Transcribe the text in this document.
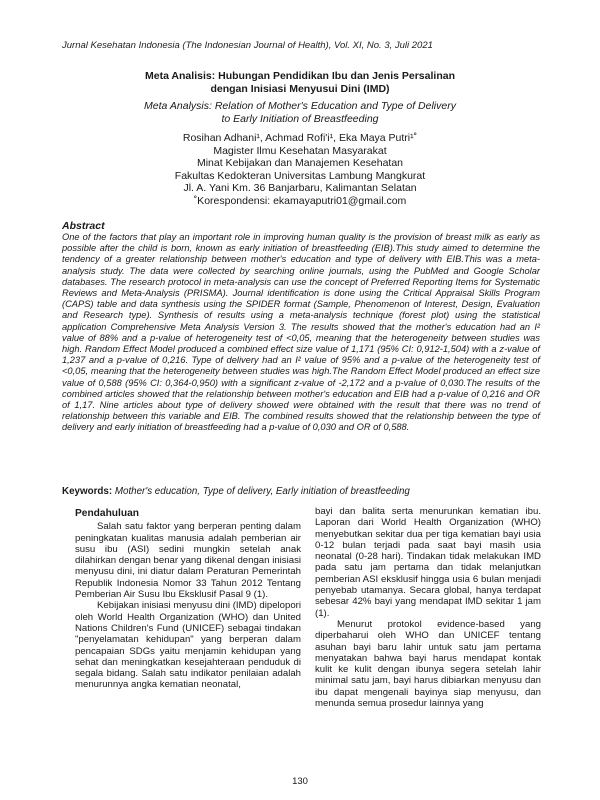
Jurnal Kesehatan Indonesia (The Indonesian Journal of Health), Vol. XI, No. 3, Juli 2021
Meta Analisis: Hubungan Pendidikan Ibu dan Jenis Persalinan
dengan Inisiasi Menyusui Dini (IMD)
Meta Analysis: Relation of Mother's Education and Type of Delivery
to Early Initiation of Breastfeeding
Rosihan Adhani¹, Achmad Rofi'i¹, Eka Maya Putri¹˚
Magister Ilmu Kesehatan Masyarakat
Minat Kebijakan dan Manajemen Kesehatan
Fakultas Kedokteran Universitas Lambung Mangkurat
Jl. A. Yani Km. 36 Banjarbaru, Kalimantan Selatan
˚Korespondensi: ekamayaputri01@gmail.com
Abstract
One of the factors that play an important role in improving human quality is the provision of breast milk as early as possible after the child is born, known as early initiation of breastfeeding (EIB).This study aimed to determine the tendency of a greater relationship between mother's education and type of delivery with EIB.This was a meta-analysis study. The data were collected by searching online journals, using the PubMed and Google Scholar databases. The research protocol in meta-analysis can use the concept of Preferred Reporting Items for Systematic Reviews and Meta-Analysis (PRISMA). Journal identification is done using the Critical Appraisal Skills Program (CAPS) table and data synthesis using the SPIDER format (Sample, Phenomenon of Interest, Design, Evaluation and Research type). Synthesis of results using a meta-analysis technique (forest plot) using the statistical application Comprehensive Meta Analysis Version 3. The results showed that the mother's education had an I² value of 88% and a p-value of heterogeneity test of <0,05, meaning that the heterogeneity between studies was high. Random Effect Model produced a combined effect size value of 1,171 (95% CI: 0,912-1,504) with a z-value of 1,237 and a p-value of 0,216. Type of delivery had an I² value of 95% and a p-value of the heterogeneity test of <0,05, meaning that the heterogeneity between studies was high.The Random Effect Model produced an effect size value of 0,588 (95% CI: 0,364-0,950) with a significant z-value of -2,172 and a p-value of 0,030.The results of the combined articles showed that the relationship between mother's education and EIB had a p-value of 0,216 and OR of 1,17. Nine articles about type of delivery showed were obtained with the result that there was no trend of relationship between this variable and EIB. The combined results showed that the relationship between the type of delivery and early initiation of breastfeeding had a p-value of 0,030 and OR of 0,588.
Keywords: Mother's education, Type of delivery, Early initiation of breastfeeding
Pendahuluan

Salah satu faktor yang berperan penting dalam peningkatan kualitas manusia adalah pemberian air susu ibu (ASI) sedini mungkin setelah anak dilahirkan dengan benar yang dikenal dengan inisiasi menyusu dini, ini diatur dalam Peraturan Pemerintah Republik Indonesia Nomor 33 Tahun 2012 Tentang Pemberian Air Susu Ibu Eksklusif Pasal 9 (1).

Kebijakan inisiasi menyusu dini (IMD) dipelopori oleh World Health Organization (WHO) dan United Nations Children's Fund (UNICEF) sebagai tindakan "penyelamatan kehidupan" yang berperan dalam pencapaian SDGs yaitu menjamin kehidupan yang sehat dan meningkatkan kesejahteraan penduduk di segala bidang. Salah satu indikator penilaian adalah menurunnya angka kematian neonatal,

bayi dan balita serta menurunkan kematian ibu. Laporan dari World Health Organization (WHO) menyebutkan sekitar dua per tiga kematian bayi usia 0-12 bulan terjadi pada saat bayi masih usia neonatal (0-28 hari). Tindakan tidak melakukan IMD pada satu jam pertama dan tidak melanjutkan pemberian ASI eksklusif hingga usia 6 bulan menjadi penyebab utamanya. Secara global, hanya terdapat sebesar 42% bayi yang mendapat IMD sekitar 1 jam (1).

Menurut protokol evidence-based yang diperbaharui oleh WHO dan UNICEF tentang asuhan bayi baru lahir untuk satu jam pertama menyatakan bahwa bayi harus mendapat kontak kulit ke kulit dengan ibunya segera setelah lahir minimal satu jam, bayi harus dibiarkan menyusu dan ibu dapat mengenali bayinya siap menyusu, dan menunda semua prosedur lainnya yang

130
